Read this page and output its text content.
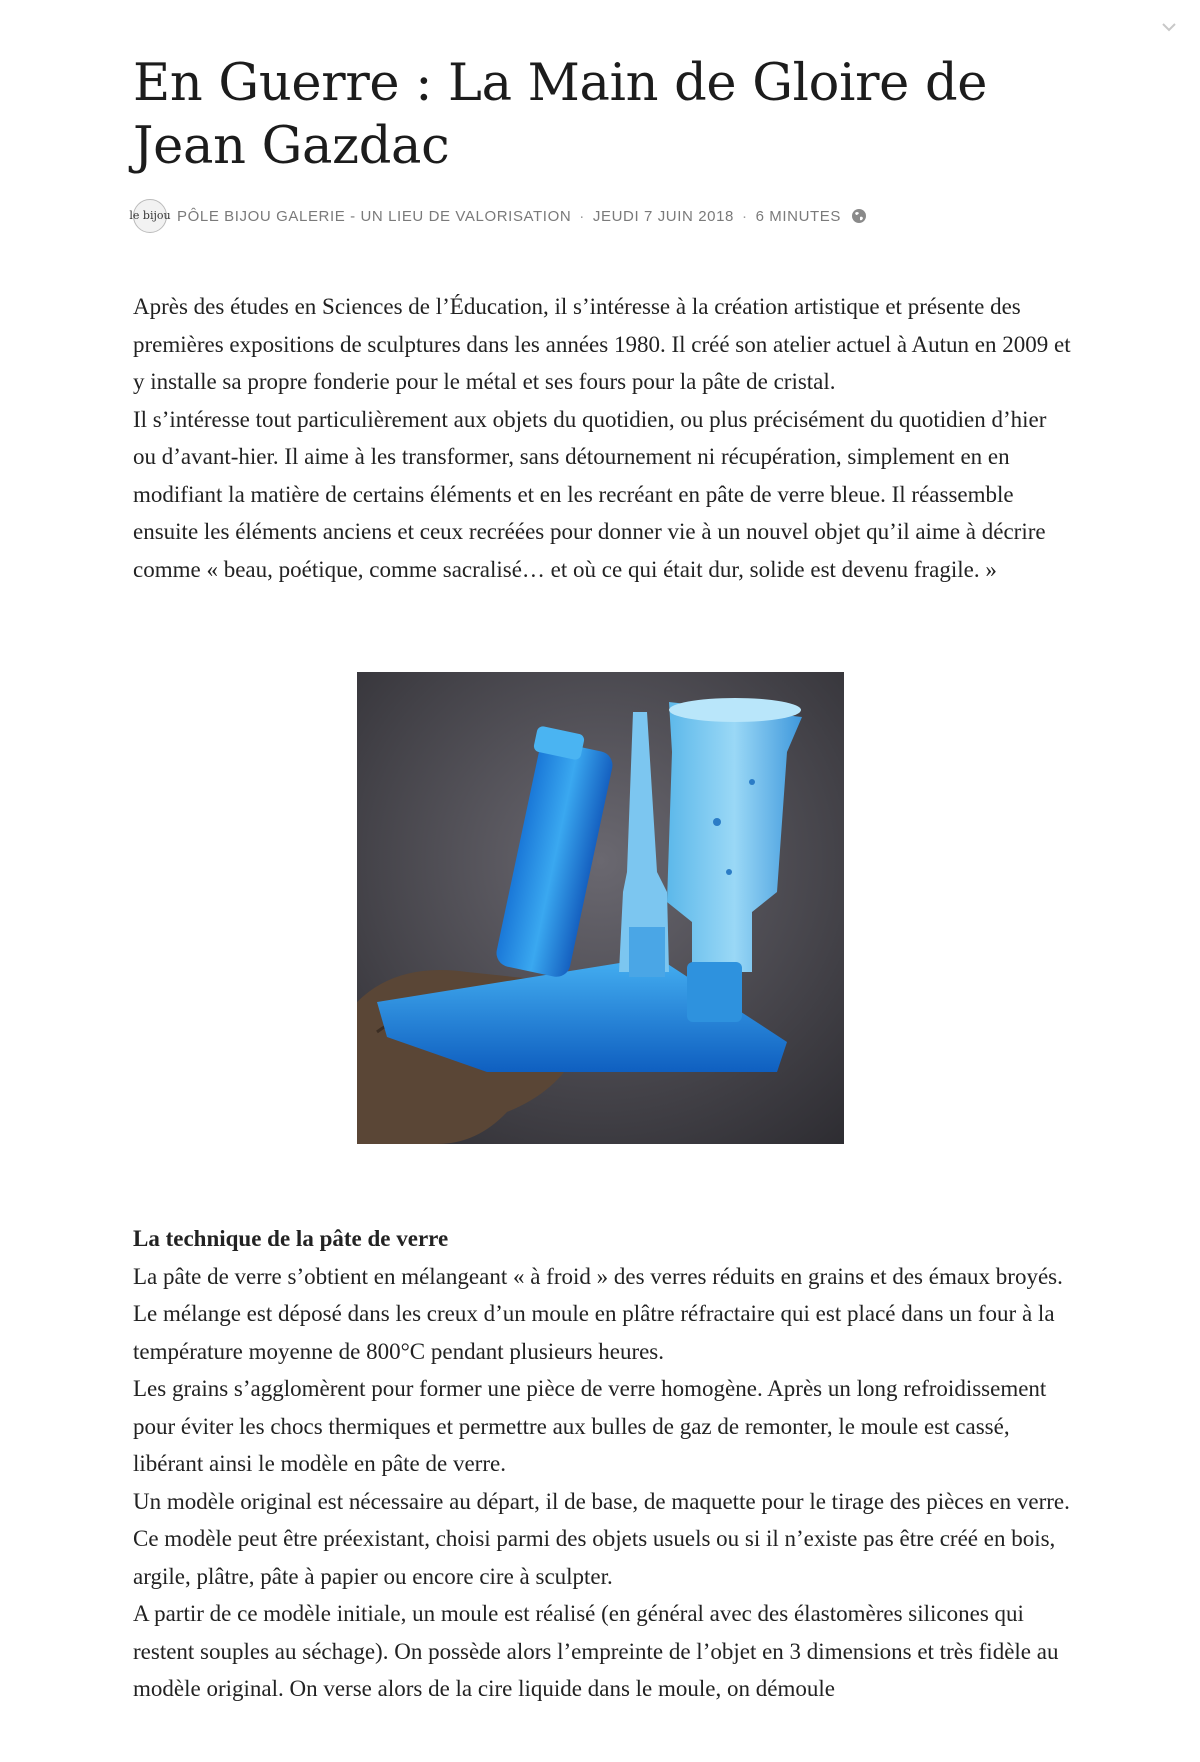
En Guerre : La Main de Gloire de Jean Gazdac
le bijou PÔLE BIJOU GALERIE - UN LIEU DE VALORISATION · JEUDI 7 JUIN 2018 · 6 MINUTES

Après des études en Sciences de l’Éducation, il s’intéresse à la création artistique et présente des premières expositions de sculptures dans les années 1980. Il créé son atelier actuel à Autun en 2009 et y installe sa propre fonderie pour le métal et ses fours pour la pâte de cristal.

Il s’intéresse tout particulièrement aux objets du quotidien, ou plus précisément du quotidien d’hier ou d’avant-hier. Il aime à les transformer, sans détournement ni récupération, simplement en en modifiant la matière de certains éléments et en les recréant en pâte de verre bleue. Il réassemble ensuite les éléments anciens et ceux recréées pour donner vie à un nouvel objet qu’il aime à décrire comme « beau, poétique, comme sacralisé… et où ce qui était dur, solide est devenu fragile. »

La technique de la pâte de verre

La pâte de verre s’obtient en mélangeant « à froid » des verres réduits en grains et des émaux broyés. Le mélange est déposé dans les creux d’un moule en plâtre réfractaire qui est placé dans un four à la température moyenne de 800°C pendant plusieurs heures.

Les grains s’agglomèrent pour former une pièce de verre homogène. Après un long refroidissement pour éviter les chocs thermiques et permettre aux bulles de gaz de remonter, le moule est cassé, libérant ainsi le modèle en pâte de verre.

Un modèle original est nécessaire au départ, il de base, de maquette pour le tirage des pièces en verre. Ce modèle peut être préexistant, choisi parmi des objets usuels ou si il n’existe pas être créé en bois, argile, plâtre, pâte à papier ou encore cire à sculpter.

A partir de ce modèle initiale, un moule est réalisé (en général avec des élastomères silicones qui restent souples au séchage). On possède alors l’empreinte de l’objet en 3 dimensions et très fidèle au modèle original. On verse alors de la cire liquide dans le moule, on démoule
